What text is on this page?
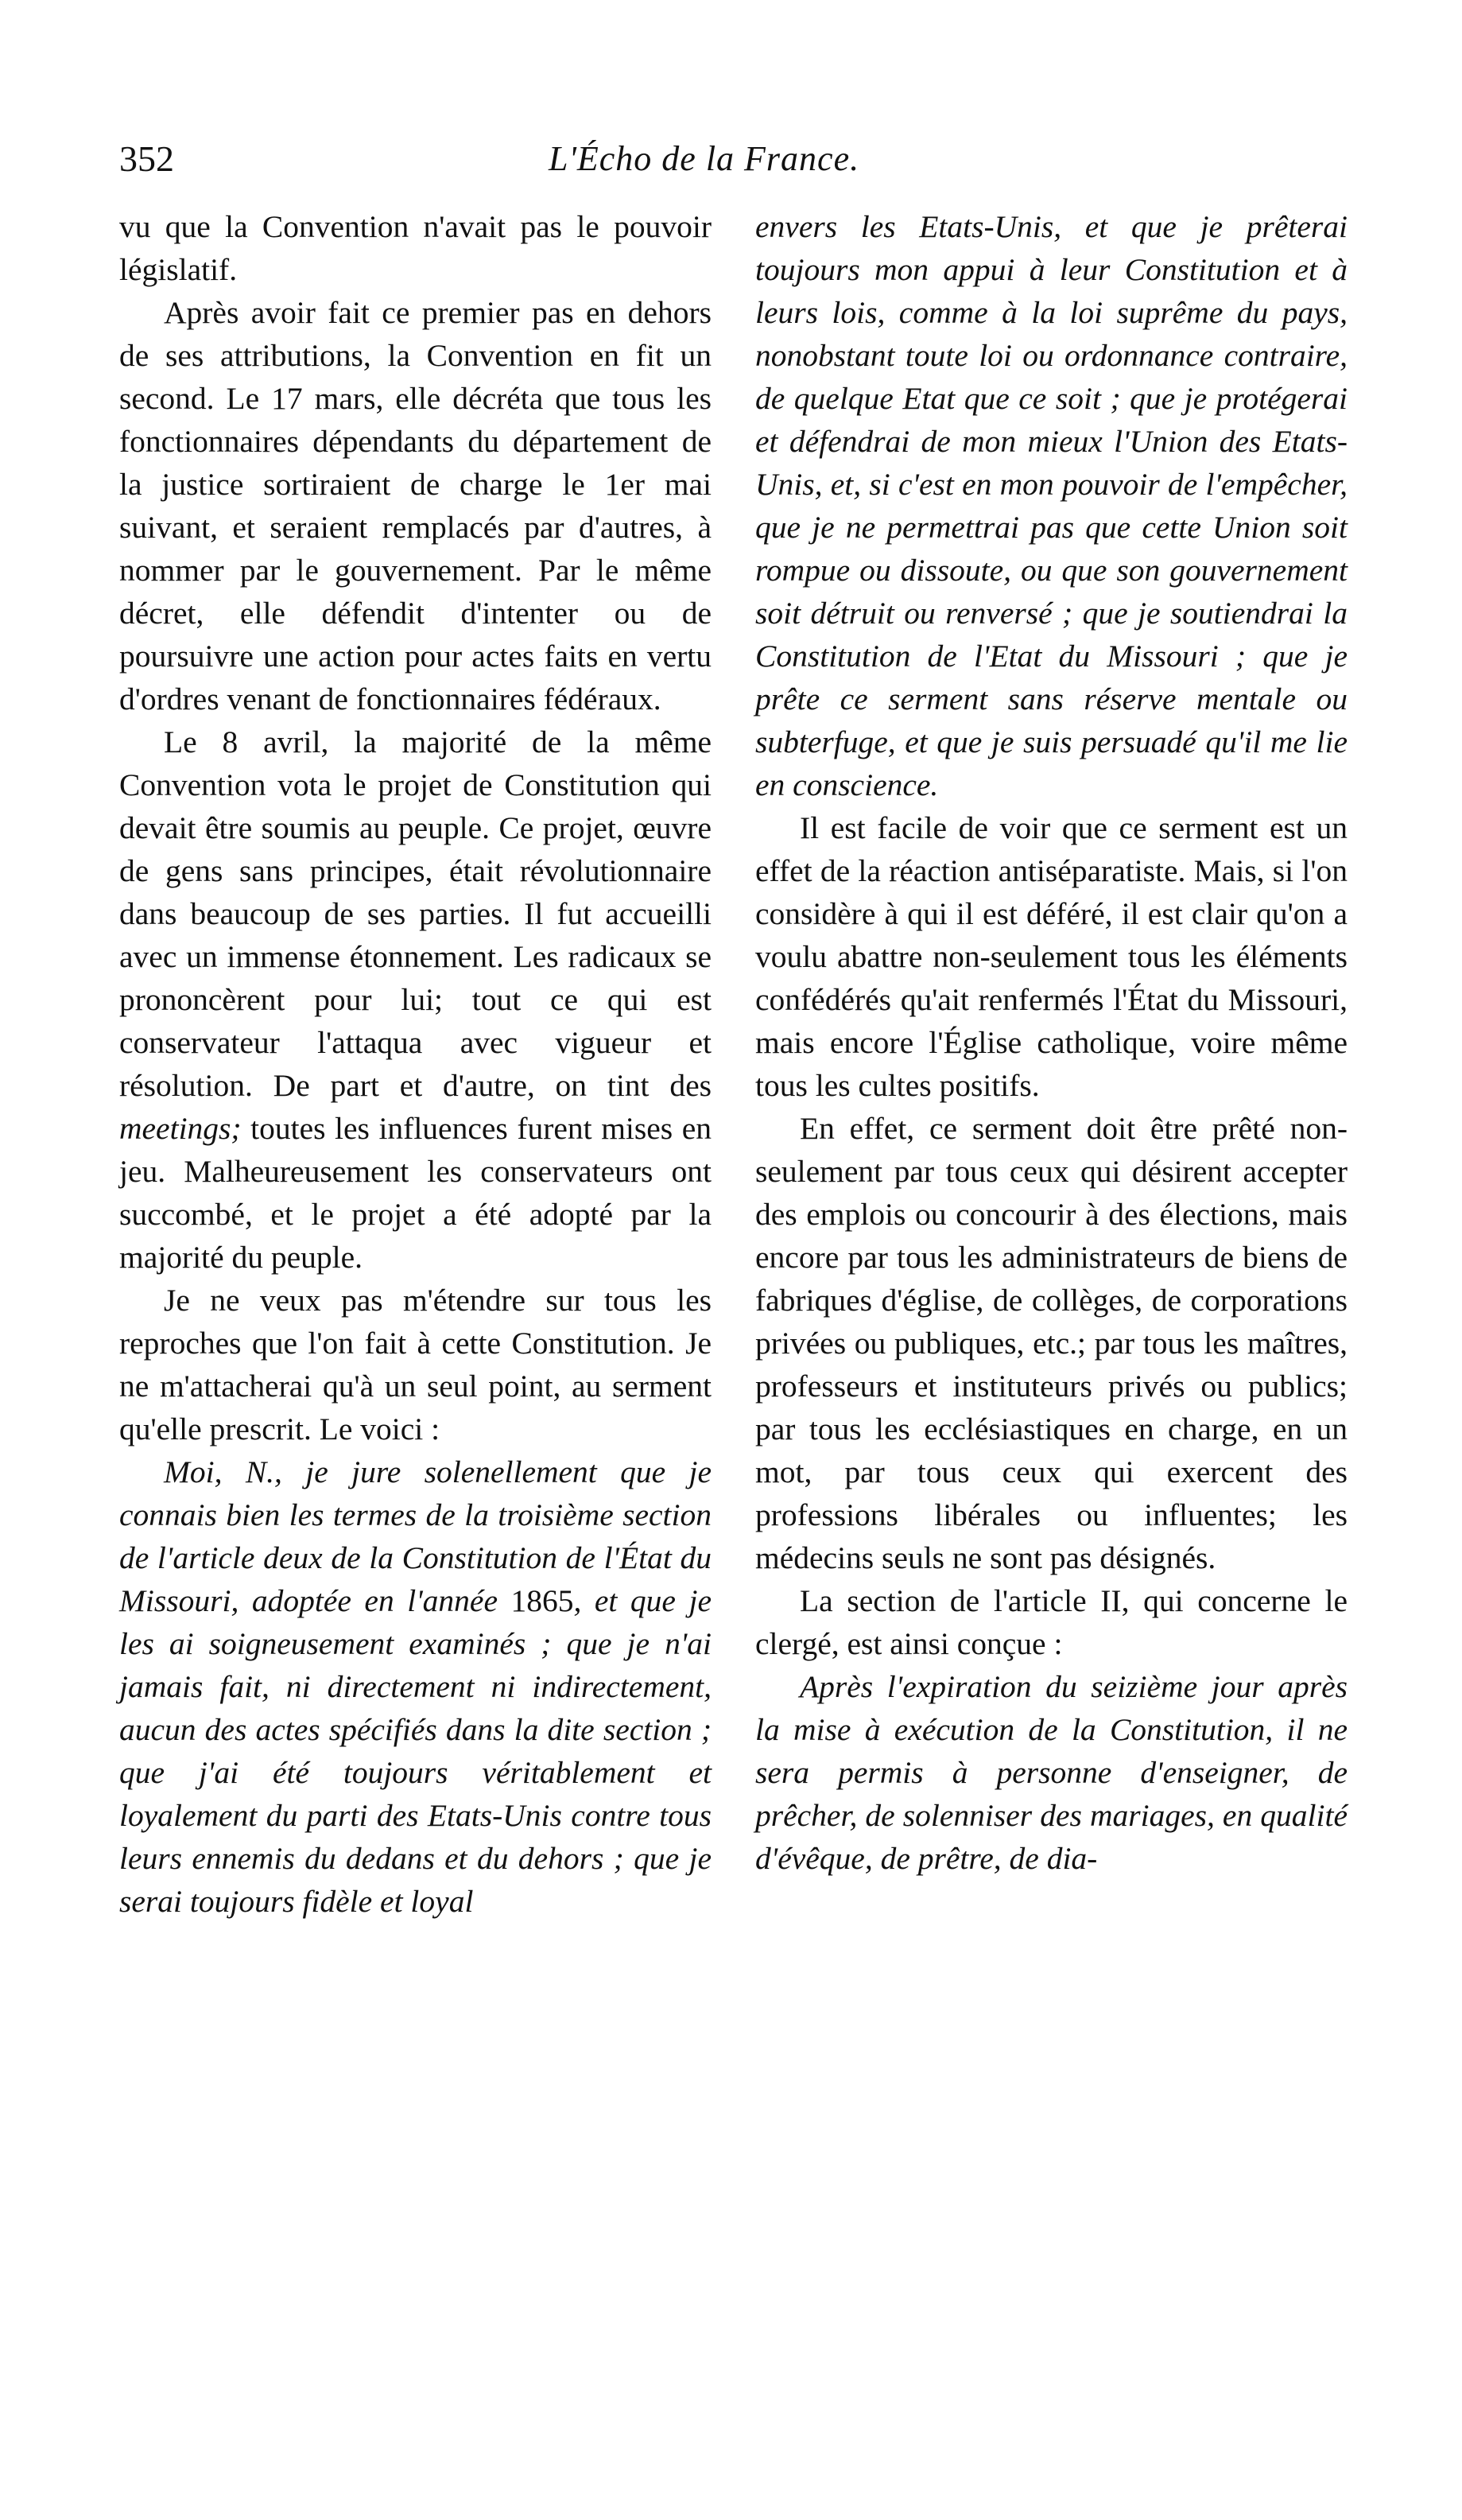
352	L'Écho de la France.

vu que la Convention n'avait pas le pouvoir législatif.

Après avoir fait ce premier pas en dehors de ses attributions, la Convention en fit un second. Le 17 mars, elle décréta que tous les fonctionnaires dépendants du département de la justice sortiraient de charge le 1er mai suivant, et seraient remplacés par d'autres, à nommer par le gouvernement. Par le même décret, elle défendit d'intenter ou de poursuivre une action pour actes faits en vertu d'ordres venant de fonctionnaires fédéraux.

Le 8 avril, la majorité de la même Convention vota le projet de Constitution qui devait être soumis au peuple. Ce projet, œuvre de gens sans principes, était révolutionnaire dans beaucoup de ses parties. Il fut accueilli avec un immense étonnement. Les radicaux se prononcèrent pour lui; tout ce qui est conservateur l'attaqua avec vigueur et résolution. De part et d'autre, on tint des meetings; toutes les influences furent mises en jeu. Malheureusement les conservateurs ont succombé, et le projet a été adopté par la majorité du peuple.

Je ne veux pas m'étendre sur tous les reproches que l'on fait à cette Constitution. Je ne m'attacherai qu'à un seul point, au serment qu'elle prescrit. Le voici :

Moi, N., je jure solenellement que je connais bien les termes de la troisième section de l'article deux de la Constitution de l'État du Missouri, adoptée en l'année 1865, et que je les ai soigneusement examinés ; que je n'ai jamais fait, ni directement ni indirectement, aucun des actes spécifiés dans la dite section ; que j'ai été toujours véritablement et loyalement du parti des Etats-Unis contre tous leurs ennemis du dedans et du dehors ; que je serai toujours fidèle et loyal

envers les Etats-Unis, et que je prêterai toujours mon appui à leur Constitution et à leurs lois, comme à la loi suprême du pays, nonobstant toute loi ou ordonnance contraire, de quelque Etat que ce soit ; que je protégerai et défendrai de mon mieux l'Union des Etats-Unis, et, si c'est en mon pouvoir de l'empêcher, que je ne permettrai pas que cette Union soit rompue ou dissoute, ou que son gouvernement soit détruit ou renversé ; que je soutiendrai la Constitution de l'Etat du Missouri ; que je prête ce serment sans réserve mentale ou subterfuge, et que je suis persuadé qu'il me lie en conscience.

Il est facile de voir que ce serment est un effet de la réaction antiséparatiste. Mais, si l'on considère à qui il est déféré, il est clair qu'on a voulu abattre non-seulement tous les éléments confédérés qu'ait renfermés l'État du Missouri, mais encore l'Église catholique, voire même tous les cultes positifs.

En effet, ce serment doit être prêté non-seulement par tous ceux qui désirent accepter des emplois ou concourir à des élections, mais encore par tous les administrateurs de biens de fabriques d'église, de collèges, de corporations privées ou publiques, etc.; par tous les maîtres, professeurs et instituteurs privés ou publics; par tous les ecclésiastiques en charge, en un mot, par tous ceux qui exercent des professions libérales ou influentes; les médecins seuls ne sont pas désignés.

La section de l'article II, qui concerne le clergé, est ainsi conçue :

Après l'expiration du seizième jour après la mise à exécution de la Constitution, il ne sera permis à personne d'enseigner, de prêcher, de solenniser des mariages, en qualité d'évêque, de prêtre, de dia-
